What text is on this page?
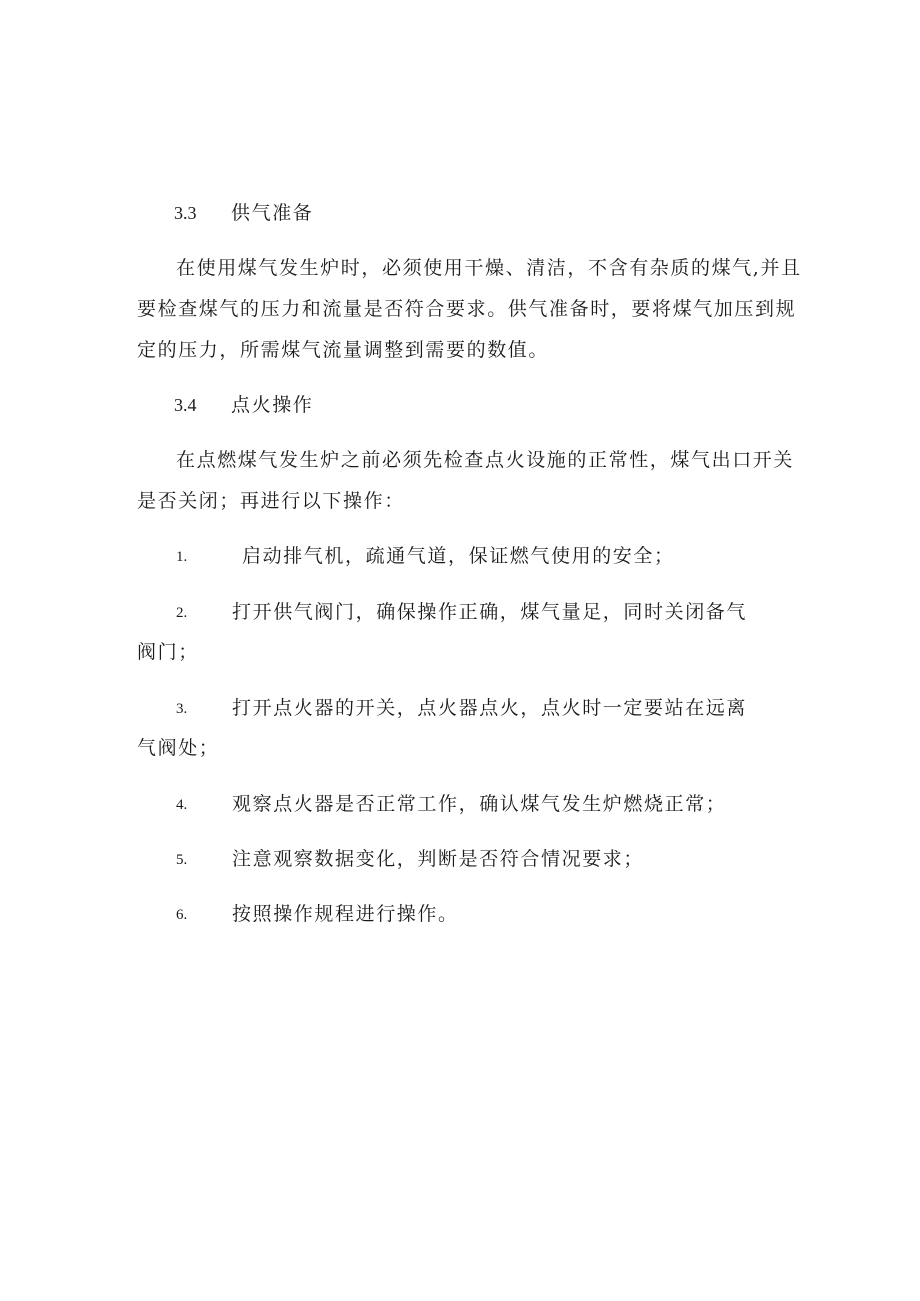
3.3 供气准备
在使用煤气发生炉时，必须使用干燥、清洁，不含有杂质的煤气,并且
要检查煤气的压力和流量是否符合要求。供气准备时，要将煤气加压到规
定的压力，所需煤气流量调整到需要的数值。
3.4 点火操作
在点燃煤气发生炉之前必须先检查点火设施的正常性，煤气出口开关
是否关闭；再进行以下操作：
1.	启动排气机，疏通气道，保证燃气使用的安全；
2. 打开供气阀门，确保操作正确，煤气量足，同时关闭备气
阀门；
3. 打开点火器的开关，点火器点火，点火时一定要站在远离
气阀处；
4. 观察点火器是否正常工作，确认煤气发生炉燃烧正常；
5. 注意观察数据变化，判断是否符合情况要求；
6. 按照操作规程进行操作。
